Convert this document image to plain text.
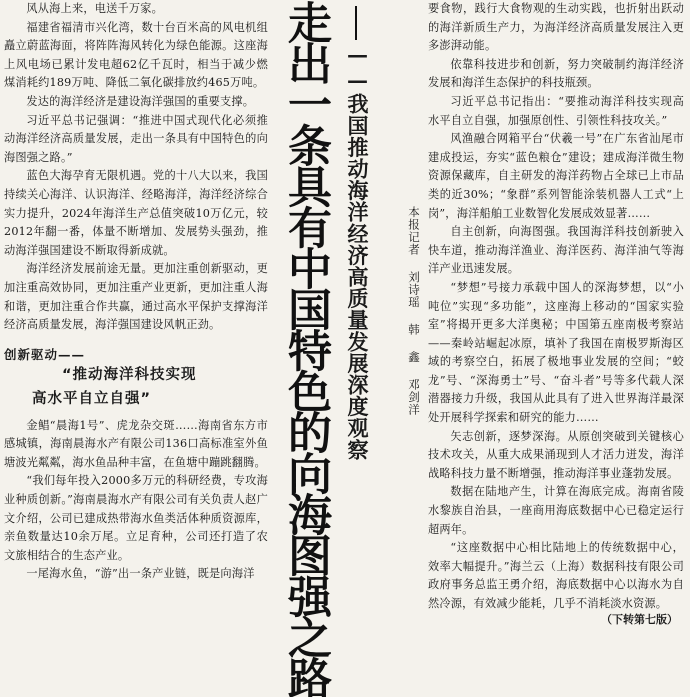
风从海上来，电送千万家。

福建省福清市兴化湾，数十台百米高的风电机组矗立蔚蓝海面，将阵阵海风转化为绿色能源。这座海上风电场已累计发电超62亿千瓦时，相当于减少燃煤消耗约189万吨、降低二氧化碳排放约465万吨。

发达的海洋经济是建设海洋强国的重要支撑。

习近平总书记强调：“推进中国式现代化必须推动海洋经济高质量发展，走出一条具有中国特色的向海图强之路。”

蓝色大海孕育无限机遇。党的十八大以来，我国持续关心海洋、认识海洋、经略海洋，海洋经济综合实力提升，2024年海洋生产总值突破10万亿元，较2012年翻一番，体量不断增加、发展势头强劲，推动海洋强国建设不断取得新成就。

海洋经济发展前途无量。更加注重创新驱动，更加注重高效协同，更加注重产业更新，更加注重人海和谐，更加注重合作共赢，通过高水平保护支撑海洋经济高质量发展，海洋强国建设风帆正劲。

创新驱动——
“推动海洋科技实现
高水平自立自强”

金鲳“晨海1号”、虎龙杂交斑……海南省东方市感城镇，海南晨海水产有限公司136口高标准室外鱼塘波光粼粼，海水鱼品种丰富，在鱼塘中蹦跳翻腾。

“我们每年投入2000多万元的科研经费，专攻海业种质创新。”海南晨海水产有限公司有关负责人赵广文介绍，公司已建成热带海水鱼类活体种质资源库，亲鱼数量达10余万尾。立足育种，公司还打造了农文旅相结合的生态产业。

一尾海水鱼，“游”出一条产业链，既是向海洋 走出一条具有中国特色的向海图强之路 ——我国推动海洋经济高质量发展深度观察	本报记者 刘诗瑶 韩 鑫 邓剑洋

要食物，践行大食物观的生动实践，也折射出跃动的海洋新质生产力，为海洋经济高质量发展注入更多澎湃动能。

依靠科技进步和创新，努力突破制约海洋经济发展和海洋生态保护的科技瓶颈。

习近平总书记指出：“要推动海洋科技实现高水平自立自强，加强原创性、引领性科技攻关。”

风渔融合网箱平台“伏羲一号”在广东省汕尾市建成投运，夯实“蓝色粮仓”建设；建成海洋微生物资源保藏库，自主研发的海洋药物占全球已上市品类的近30%；“象群”系列智能涂装机器人工式“上岗”，海洋船舶工业数智化发展成效显著……

自主创新，向海图强。我国海洋科技创新驶入快车道，推动海洋渔业、海洋医药、海洋油气等海洋产业迅速发展。

“梦想”号接力承载中国人的深海梦想，以“小吨位”实现“多功能”，这座海上移动的“国家实验室”将揭开更多大洋奥秘；中国第五座南极考察站——秦岭站崛起冰原，填补了我国在南极罗斯海区域的考察空白，拓展了极地事业发展的空间；“蛟龙”号、“深海勇士”号、“奋斗者”号等多代载人深潜器接力升级，我国从此具有了进入世界海洋最深处开展科学探索和研究的能力……

矢志创新，逐梦深海。从原创突破到关键核心技术攻关，从重大成果涌现到人才活力迸发，海洋战略科技力量不断增强，推动海洋事业蓬勃发展。

数据在陆地产生，计算在海底完成。海南省陵水黎族自治县，一座商用海底数据中心已稳定运行超两年。

“这座数据中心相比陆地上的传统数据中心，效率大幅提升。”海兰云（上海）数据科技有限公司政府事务总监王勇介绍，海底数据中心以海水为自然冷源，有效减少能耗，几乎不消耗淡水资源。

（下转第七版）
